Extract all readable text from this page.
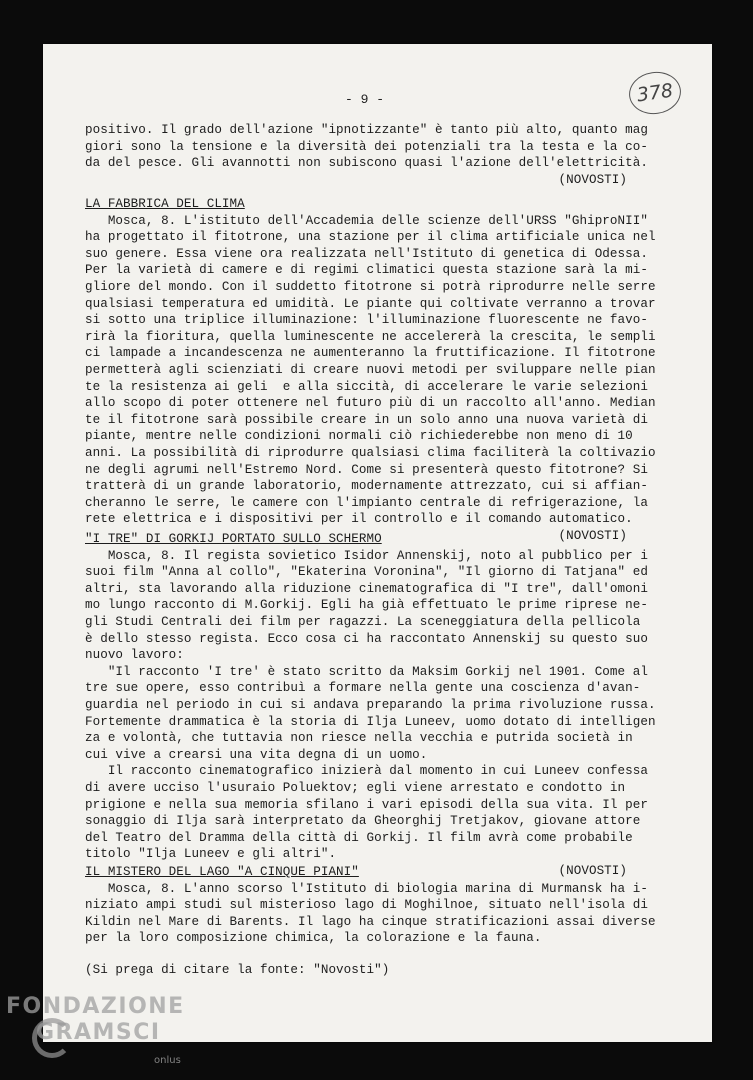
- 9 -	378

positivo. Il grado dell'azione "ipnotizzante" è tanto più alto, quanto mag

giori sono la tensione e la diversità dei potenziali tra la testa e la co-

da del pesce. Gli avannotti non subiscono quasi l'azione dell'elettricità.

(NOVOSTI)
LA FABBRICA DEL CLIMA

Mosca, 8. L'istituto dell'Accademia delle scienze dell'URSS "GhiproNII"

ha progettato il fitotrone, una stazione per il clima artificiale unica nel

suo genere. Essa viene ora realizzata nell'Istituto di genetica di Odessa.

Per la varietà di camere e di regimi climatici questa stazione sarà la mi-

gliore del mondo. Con il suddetto fitotrone si potrà riprodurre nelle serre

qualsiasi temperatura ed umidità. Le piante qui coltivate verranno a trovar

si sotto una triplice illuminazione: l'illuminazione fluorescente ne favo-

rirà la fioritura, quella luminescente ne accelererà la crescita, le sempli

ci lampade a incandescenza ne aumenteranno la fruttificazione. Il fitotrone

permetterà agli scienziati di creare nuovi metodi per sviluppare nelle pian

te la resistenza ai geli  e alla siccità, di accelerare le varie selezioni

allo scopo di poter ottenere nel futuro più di un raccolto all'anno. Median

te il fitotrone sarà possibile creare in un solo anno una nuova varietà di

piante, mentre nelle condizioni normali ciò richiederebbe non meno di 10

anni. La possibilità di riprodurre qualsiasi clima faciliterà la coltivazio

ne degli agrumi nell'Estremo Nord. Come si presenterà questo fitotrone? Si

tratterà di un grande laboratorio, modernamente attrezzato, cui si affian-

cheranno le serre, le camere con l'impianto centrale di refrigerazione, la

rete elettrica e i dispositivi per il controllo e il comando automatico.

(NOVOSTI)
"I TRE" DI GORKIJ PORTATO SULLO SCHERMO

Mosca, 8. Il regista sovietico Isidor Annenskij, noto al pubblico per i

suoi film "Anna al collo", "Ekaterina Voronina", "Il giorno di Tatjana" ed

altri, sta lavorando alla riduzione cinematografica di "I tre", dall'omoni

mo lungo racconto di M.Gorkij. Egli ha già effettuato le prime riprese ne-

gli Studi Centrali dei film per ragazzi. La sceneggiatura della pellicola

è dello stesso regista. Ecco cosa ci ha raccontato Annenskij su questo suo

nuovo lavoro:

"Il racconto 'I tre' è stato scritto da Maksim Gorkij nel 1901. Come al

tre sue opere, esso contribuì a formare nella gente una coscienza d'avan-

guardia nel periodo in cui si andava preparando la prima rivoluzione russa.

Fortemente drammatica è la storia di Ilja Luneev, uomo dotato di intelligen

za e volontà, che tuttavia non riesce nella vecchia e putrida società in

cui vive a crearsi una vita degna di un uomo.

Il racconto cinematografico inizierà dal momento in cui Luneev confessa

di avere ucciso l'usuraio Poluektov; egli viene arrestato e condotto in

prigione e nella sua memoria sfilano i vari episodi della sua vita. Il per

sonaggio di Ilja sarà interpretato da Gheorghij Tretjakov, giovane attore

del Teatro del Dramma della città di Gorkij. Il film avrà come probabile

titolo "Ilja Luneev e gli altri".

(NOVOSTI)
IL MISTERO DEL LAGO "A CINQUE PIANI"

Mosca, 8. L'anno scorso l'Istituto di biologia marina di Murmansk ha i-

niziato ampi studi sul misterioso lago di Moghilnoe, situato nell'isola di

Kildin nel Mare di Barents. Il lago ha cinque stratificazioni assai diverse

per la loro composizione chimica, la colorazione e la fauna.

(Si prega di citare la fonte: "Novosti")

FONDAZIONE
GRAMSCI
onlus
